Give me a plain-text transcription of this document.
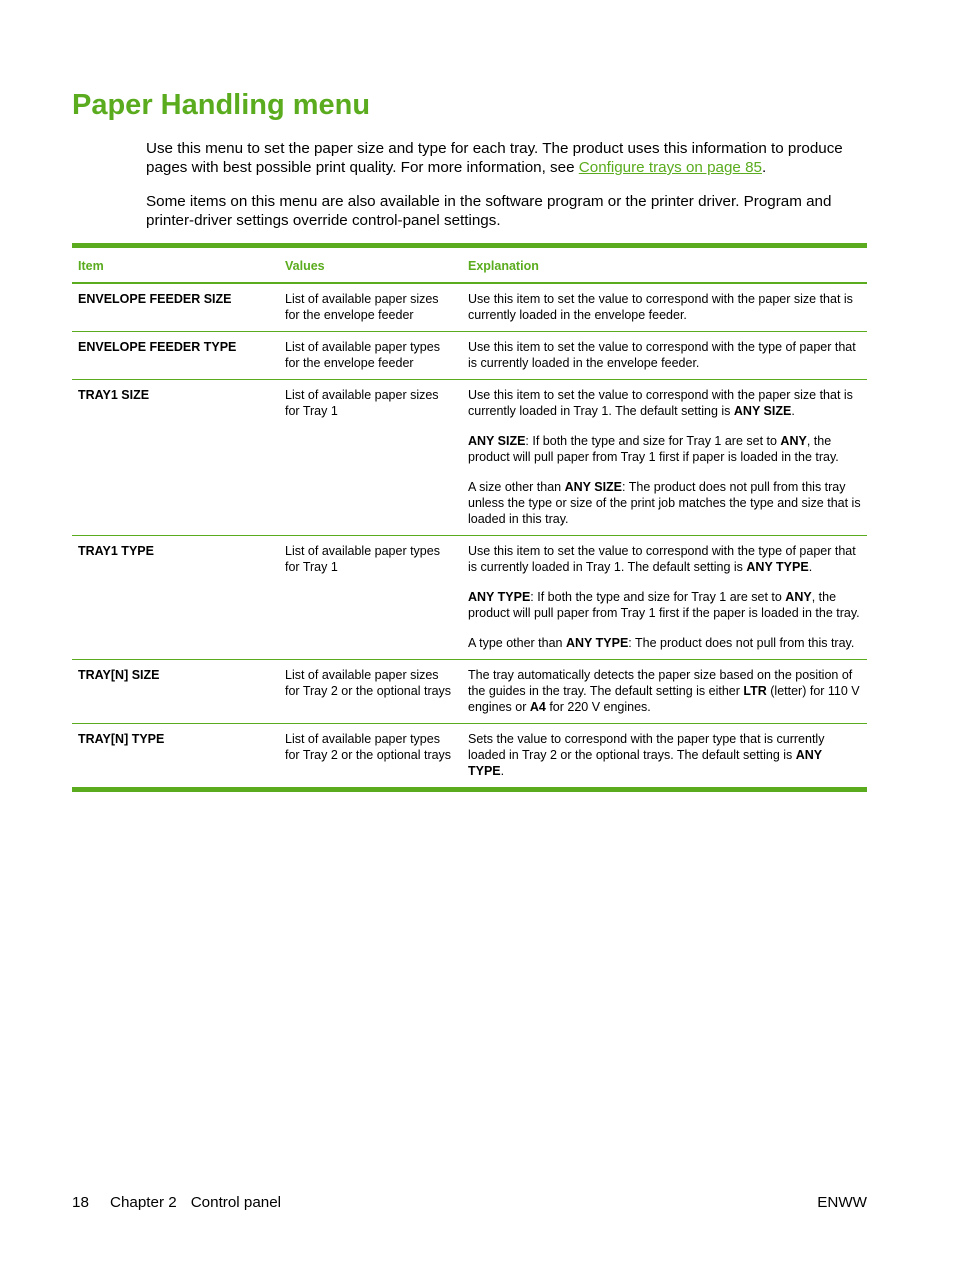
Paper Handling menu

Use this menu to set the paper size and type for each tray. The product uses this information to produce pages with best possible print quality. For more information, see Configure trays on page 85.

Some items on this menu are also available in the software program or the printer driver. Program and printer-driver settings override control-panel settings.

Item	Values	Explanation
ENVELOPE FEEDER SIZE	List of available paper sizes for the envelope feeder	Use this item to set the value to correspond with the paper size that is currently loaded in the envelope feeder.

ENVELOPE FEEDER TYPE	List of available paper types for the envelope feeder	Use this item to set the value to correspond with the type of paper that is currently loaded in the envelope feeder.

TRAY1 SIZE	List of available paper sizes for Tray 1	Use this item to set the value to correspond with the paper size that is currently loaded in Tray 1. The default setting is ANY SIZE.

ANY SIZE: If both the type and size for Tray 1 are set to ANY, the product will pull paper from Tray 1 first if paper is loaded in the tray.

A size other than ANY SIZE: The product does not pull from this tray unless the type or size of the print job matches the type and size that is loaded in this tray.

TRAY1 TYPE	List of available paper types for Tray 1	Use this item to set the value to correspond with the type of paper that is currently loaded in Tray 1. The default setting is ANY TYPE.

ANY TYPE: If both the type and size for Tray 1 are set to ANY, the product will pull paper from Tray 1 first if the paper is loaded in the tray.

A type other than ANY TYPE: The product does not pull from this tray.

TRAY[N] SIZE	List of available paper sizes for Tray 2 or the optional trays	The tray automatically detects the paper size based on the position of the guides in the tray. The default setting is either LTR (letter) for 110 V engines or A4 for 220 V engines.

TRAY[N] TYPE	List of available paper types for Tray 2 or the optional trays	Sets the value to correspond with the paper type that is currently loaded in Tray 2 or the optional trays. The default setting is ANY TYPE.

18 Chapter 2 Control panel	ENWW
